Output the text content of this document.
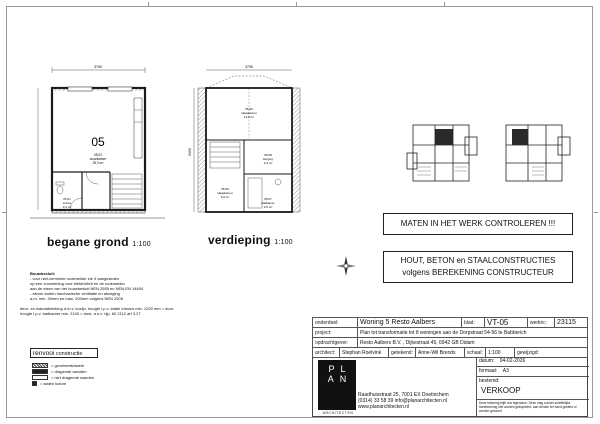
3790
05
05.02
woonkamer
25,3 m²
05.01
entree
3,4 m²
begane grond 1:100
3790
5490
05.06
slaapkamer
13,8 m²
05.05
slaapkamer
6,9 m²
05.08
berging
3,4 m²
05.07
badkamer
3,5 m²
verdieping 1:100
MATEN IN HET WERK CONTROLEREN !!!
HOUT, BETON en STAALCONSTRUCTIES
volgens BEREKENING CONSTRUCTEUR
Bouwbesluit:
- voor niet-vermelde rookmelder zie 4 aangesloten
op een voorziening voor elektriciteit en de rookmelder
aan de eisen van het bouwbesluit NEN 2555 en NEN-EN 14604
- afvoer buiten mechanische ventilatie en afzuiging
a.m. min. 30mm en max. 200mm volgens NEN 2505
deur- en wandafwerking d.m.v. kozijn, hoogte l.p.v. totale inbouw min. 1200 mm = door.
hoogte l.p.v. badkamer min. 2100 = door, a.n.v. rijp. 60 2112 art 3.27
renvooi constructie
= gevelmetselwerk
= dragende wanden
= niet dragende wanden
= stalen kolom
onderdeel:	Woning 5 Resto Aalbers	blad:	VT-05	werknr.:	23115
project:	Plan tot transformatie tot 8 woningen aan de Dorpstraat 54-56 te Babberich				
opdrachtgever:	Resto Aalbers B.V. , Dijkestraat 45, 6942 GB Didam				
architect:	Stephan Roelvink	getekend:	Anne-Wil Brends	schaal:	1:100	gewijzigd:
PL
AN
ARCHITECTEN
Raadhuisstraat 25, 7001 EX Doetinchem
(0314) 33 58 39 info@planarchitecten.nl
www.planarchitecten.nl
datum: 04-02-2026
formaat: A3
bestemd:
VERKOOP
Deze tekening blijft ons eigendom. Deze mag zonder schriftelijke toestemming niet worden gekopieerd, aan derden ter hand gesteld of worden getoond
